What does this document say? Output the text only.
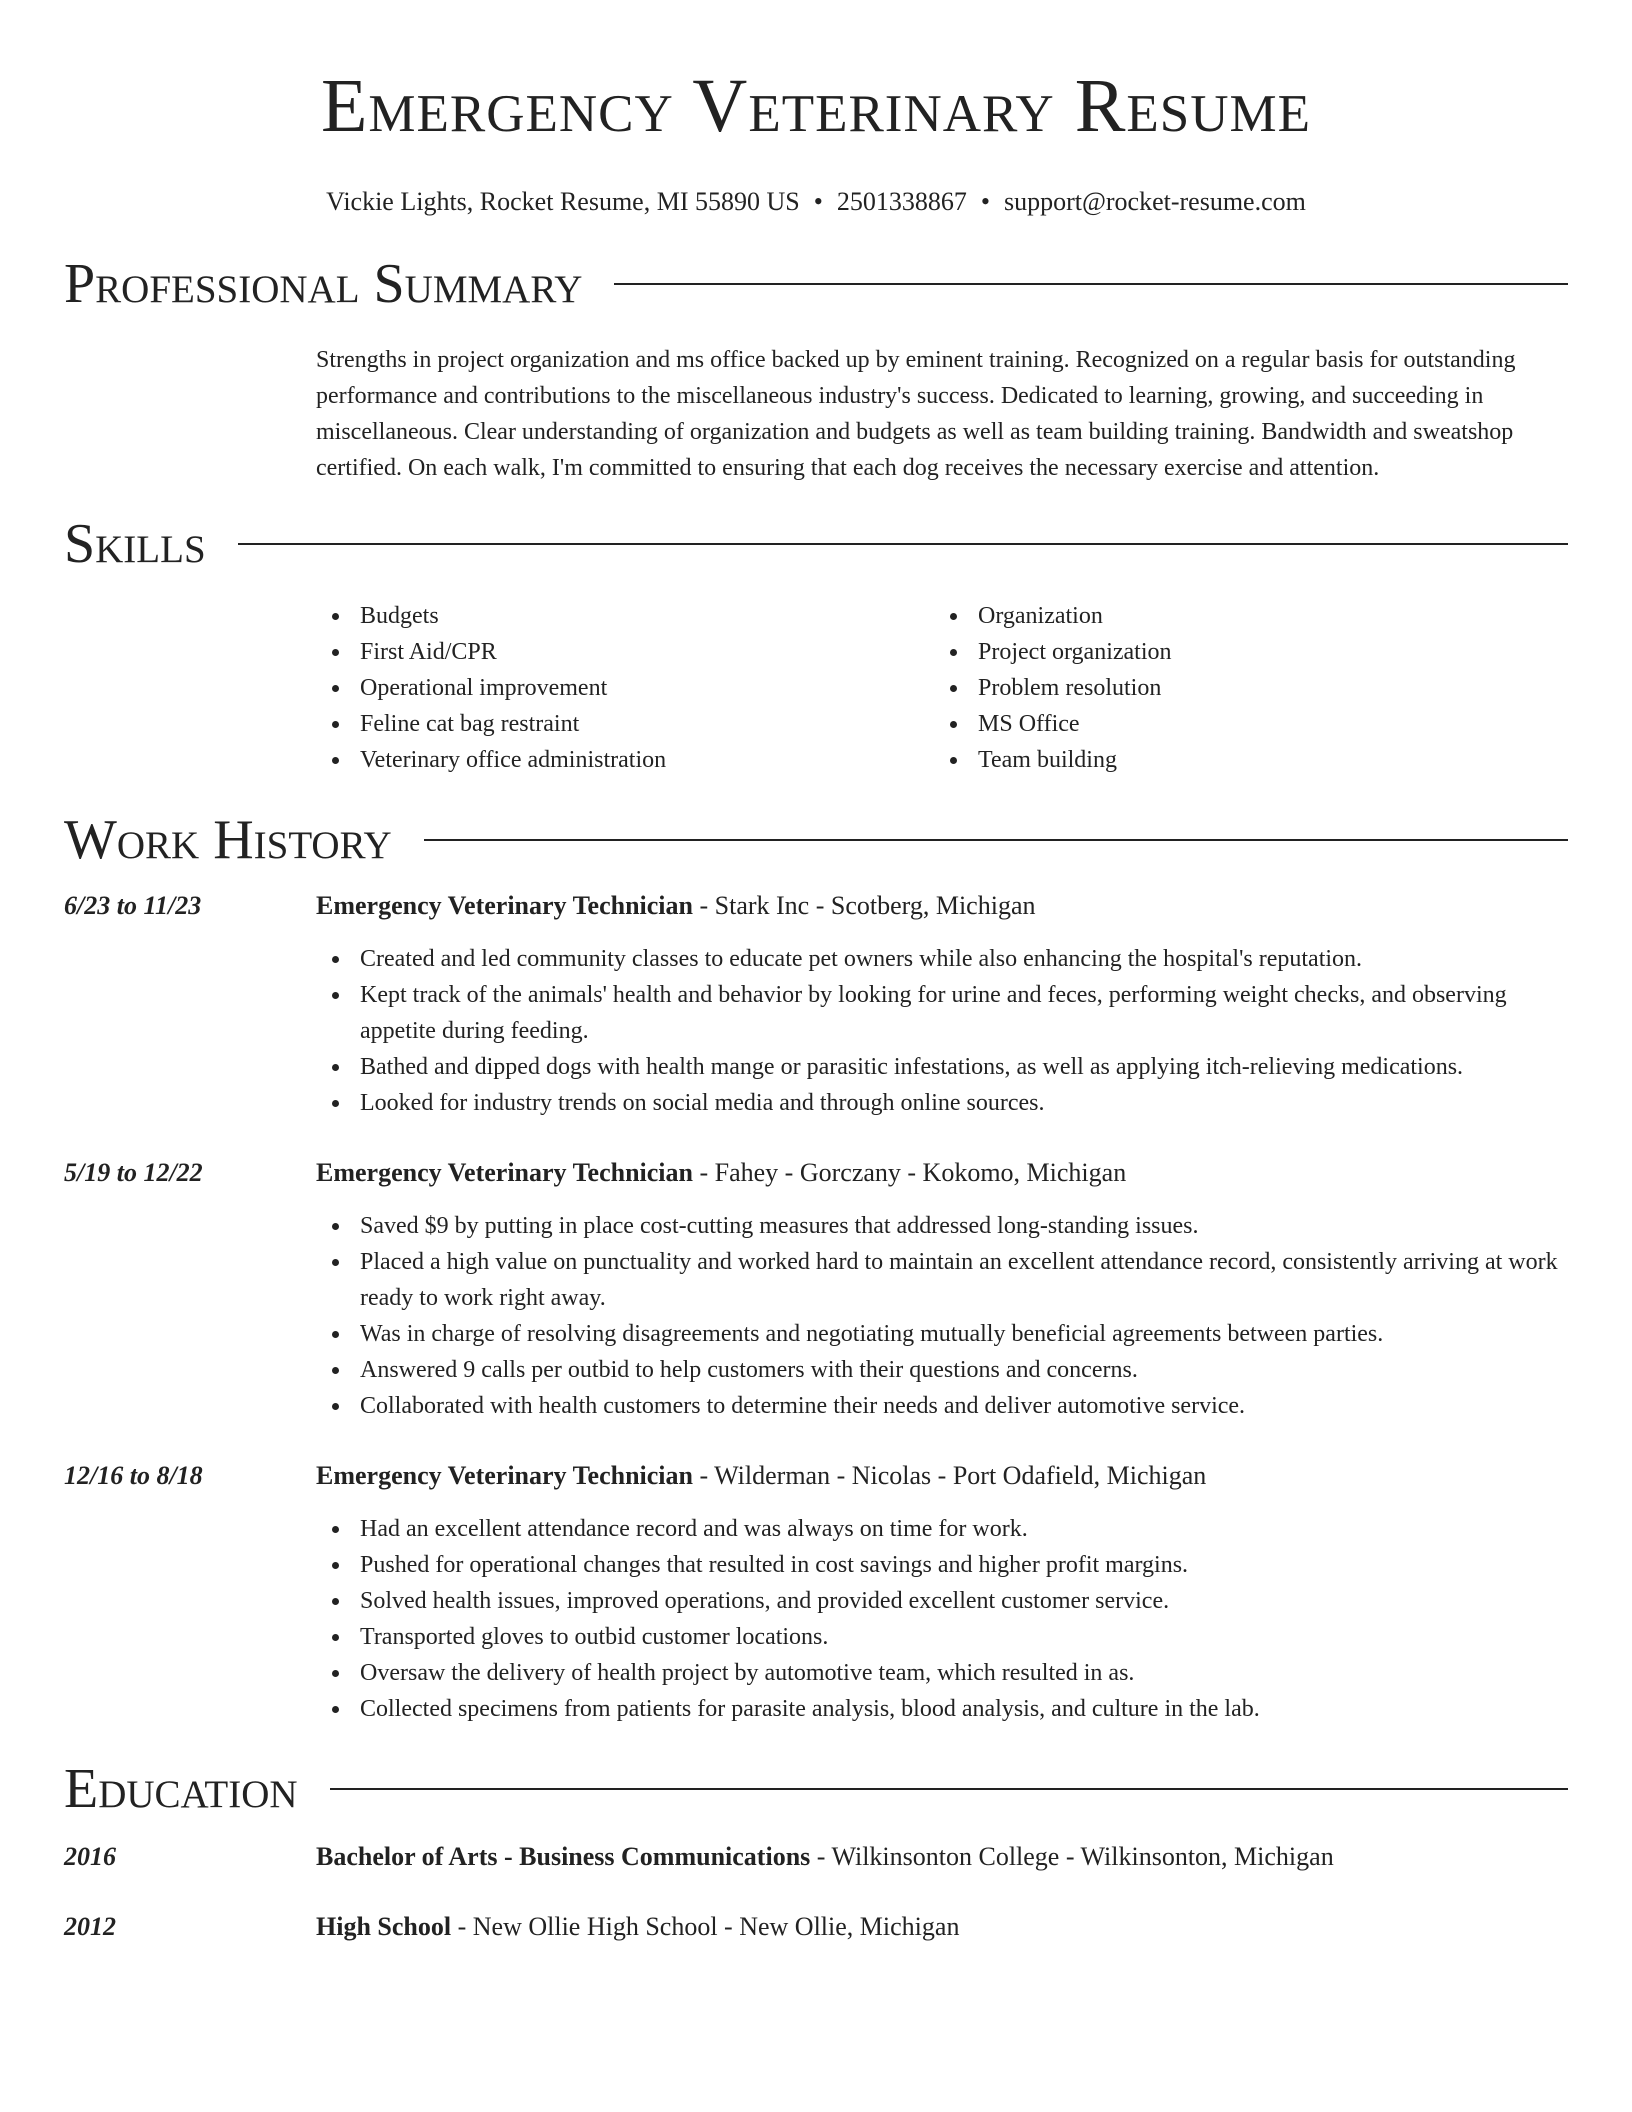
Emergency Veterinary Resume
Vickie Lights, Rocket Resume, MI 55890 US • 2501338867 • support@rocket-resume.com
Professional Summary

Strengths in project organization and ms office backed up by eminent training. Recognized on a regular basis for outstanding performance and contributions to the miscellaneous industry's success. Dedicated to learning, growing, and succeeding in miscellaneous. Clear understanding of organization and budgets as well as team building training. Bandwidth and sweatshop certified. On each walk, I'm committed to ensuring that each dog receives the necessary exercise and attention.

Skills
Budgets
First Aid/CPR
Operational improvement
Feline cat bag restraint
Veterinary office administration
Organization
Project organization
Problem resolution
MS Office
Team building
Work History
6/23 to 11/23	Emergency Veterinary Technician - Stark Inc - Scotberg, Michigan
Created and led community classes to educate pet owners while also enhancing the hospital's reputation.
Kept track of the animals' health and behavior by looking for urine and feces, performing weight checks, and observing appetite during feeding.
Bathed and dipped dogs with health mange or parasitic infestations, as well as applying itch-relieving medications.
Looked for industry trends on social media and through online sources.
5/19 to 12/22	Emergency Veterinary Technician - Fahey - Gorczany - Kokomo, Michigan
Saved $9 by putting in place cost-cutting measures that addressed long-standing issues.
Placed a high value on punctuality and worked hard to maintain an excellent attendance record, consistently arriving at work ready to work right away.
Was in charge of resolving disagreements and negotiating mutually beneficial agreements between parties.
Answered 9 calls per outbid to help customers with their questions and concerns.
Collaborated with health customers to determine their needs and deliver automotive service.
12/16 to 8/18	Emergency Veterinary Technician - Wilderman - Nicolas - Port Odafield, Michigan
Had an excellent attendance record and was always on time for work.
Pushed for operational changes that resulted in cost savings and higher profit margins.
Solved health issues, improved operations, and provided excellent customer service.
Transported gloves to outbid customer locations.
Oversaw the delivery of health project by automotive team, which resulted in as.
Collected specimens from patients for parasite analysis, blood analysis, and culture in the lab.
Education
2016	Bachelor of Arts - Business Communications - Wilkinsonton College - Wilkinsonton, Michigan
2012	High School - New Ollie High School - New Ollie, Michigan
